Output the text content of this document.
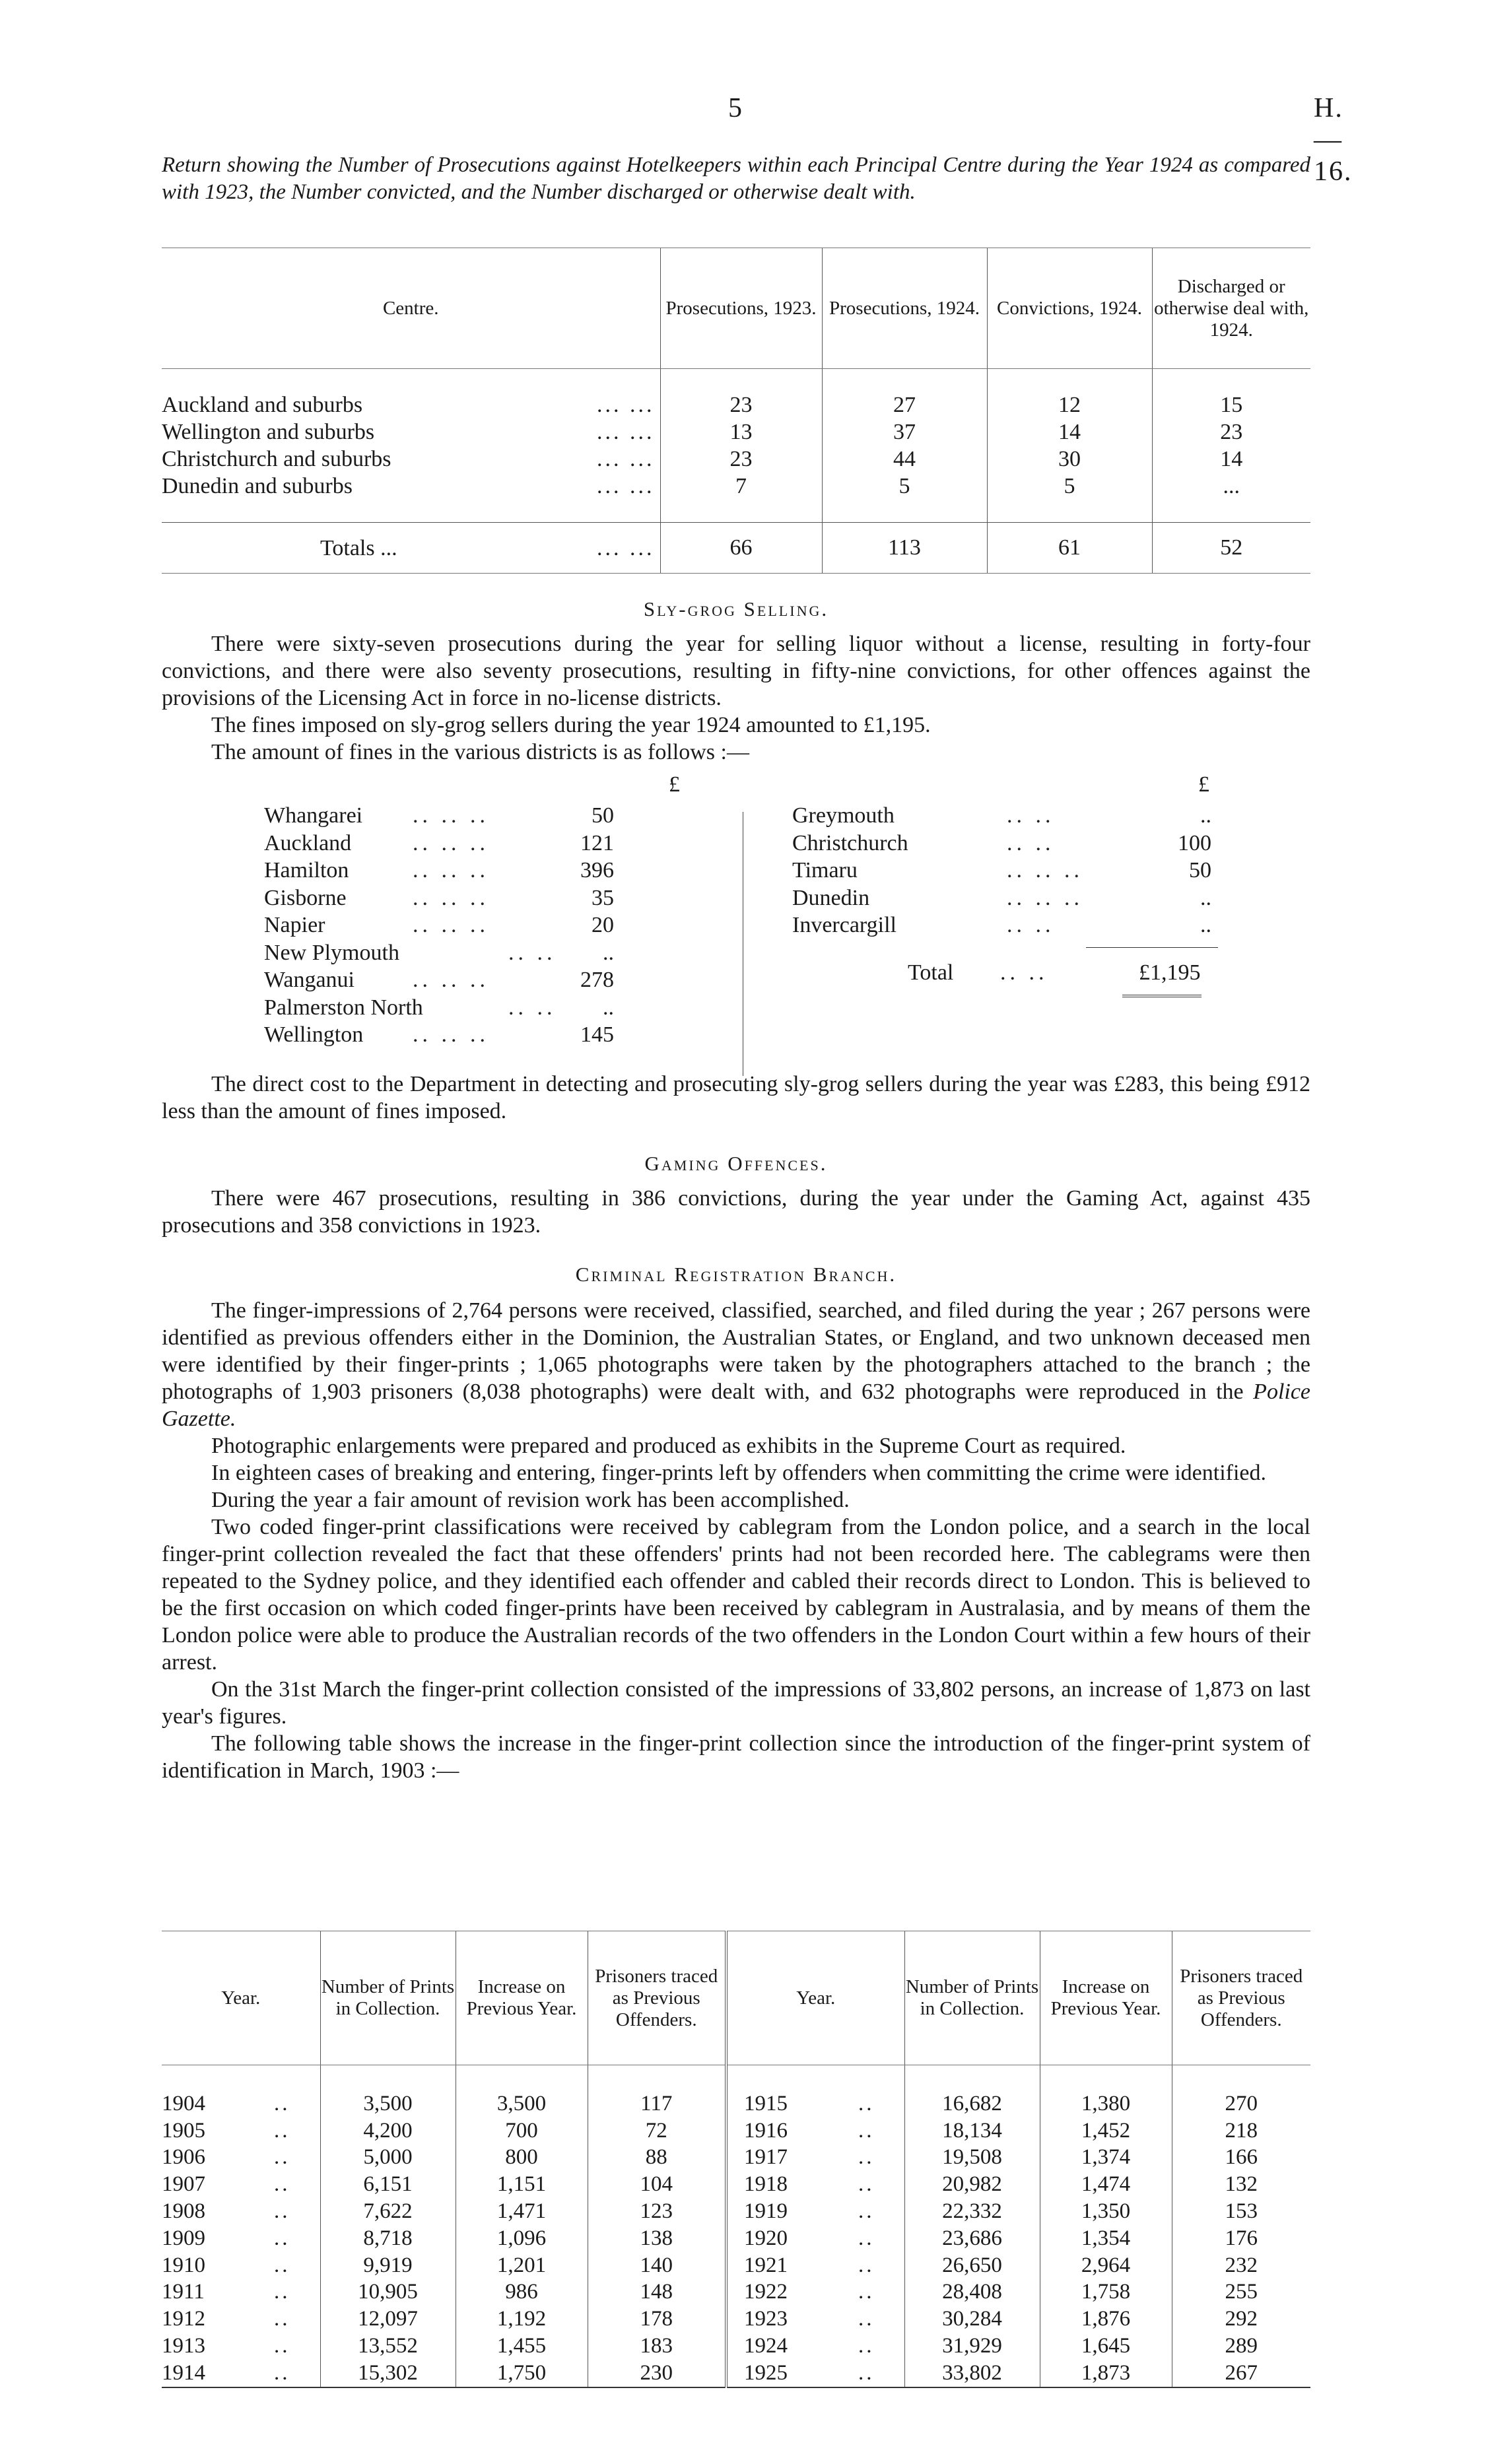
5	H.—16.
Return showing the Number of Prosecutions against Hotelkeepers within each Principal Centre during the Year 1924 as compared with 1923, the Number convicted, and the Number discharged or otherwise dealt with.
Centre.	Prosecutions, 1923.	Prosecutions, 1924.	Convictions, 1924.	Discharged or otherwise deal with, 1924.

Auckland and suburbs ... ...	23	27	12	15
Wellington and suburbs ... ...	13	37	14	23
Christchurch and suburbs ... ...	23	44	30	14
Dunedin and suburbs ... ...	7	5	5	...

Totals ... ... ...	66	113	61	52
Sly-grog Selling.

There were sixty-seven prosecutions during the year for selling liquor without a license, resulting in forty-four convictions, and there were also seventy prosecutions, resulting in fifty-nine convictions, for other offences against the provisions of the Licensing Act in force in no-license districts.

The fines imposed on sly-grog sellers during the year 1924 amounted to £1,195.

The amount of fines in the various districts is as follows :—

£	£
Whangarei .. .. ..	50
Auckland	.. .. ..	121
Hamilton	.. .. ..	396
Gisborne	.. .. ..	35
Napier	.. .. ..	20
New Plymouth	.. ..	..
Wanganui	.. .. ..	278
Palmerston North	.. ..	..
Wellington .. .. ..	145
Greymouth	.. ..	..
Christchurch	.. ..	100
Timaru	.. .. ..	50
Dunedin	.. .. ..	..
Invercargill	.. ..	..
Total .. ..	£1,195

The direct cost to the Department in detecting and prosecuting sly-grog sellers during the year was £283, this being £912 less than the amount of fines imposed.

Gaming Offences.

There were 467 prosecutions, resulting in 386 convictions, during the year under the Gaming Act, against 435 prosecutions and 358 convictions in 1923.

Criminal Registration Branch.

The finger-impressions of 2,764 persons were received, classified, searched, and filed during the year ; 267 persons were identified as previous offenders either in the Dominion, the Australian States, or England, and two unknown deceased men were identified by their finger-prints ; 1,065 photographs were taken by the photographers attached to the branch ; the photographs of 1,903 prisoners (8,038 photographs) were dealt with, and 632 photographs were reproduced in the Police Gazette.

Photographic enlargements were prepared and produced as exhibits in the Supreme Court as required.

In eighteen cases of breaking and entering, finger-prints left by offenders when committing the crime were identified.

During the year a fair amount of revision work has been accomplished.

Two coded finger-print classifications were received by cablegram from the London police, and a search in the local finger-print collection revealed the fact that these offenders' prints had not been recorded here. The cablegrams were then repeated to the Sydney police, and they identified each offender and cabled their records direct to London. This is believed to be the first occasion on which coded finger-prints have been received by cablegram in Australasia, and by means of them the London police were able to produce the Australian records of the two offenders in the London Court within a few hours of their arrest.

On the 31st March the finger-print collection consisted of the impressions of 33,802 persons, an increase of 1,873 on last year's figures.

The following table shows the increase in the finger-print collection since the introduction of the finger-print system of identification in March, 1903 :—

Year.		Number of Prints in Collection.	Increase on Previous Year.	Prisoners traced as Previous Offenders.	Year.		Number of Prints in Collection.	Increase on Previous Year.	Prisoners traced as Previous Offenders.

1904	..	3,500	3,500	117	1915	..	16,682	1,380	270
1905	..	4,200	700	72	1916	..	18,134	1,452	218
1906	..	5,000	800	88	1917	..	19,508	1,374	166
1907	..	6,151	1,151	104	1918	..	20,982	1,474	132
1908	..	7,622	1,471	123	1919	..	22,332	1,350	153
1909	..	8,718	1,096	138	1920	..	23,686	1,354	176
1910	..	9,919	1,201	140	1921	..	26,650	2,964	232
1911	..	10,905	986	148	1922	..	28,408	1,758	255
1912	..	12,097	1,192	178	1923	..	30,284	1,876	292
1913	..	13,552	1,455	183	1924	..	31,929	1,645	289
1914	..	15,302	1,750	230	1925	..	33,802	1,873	267
